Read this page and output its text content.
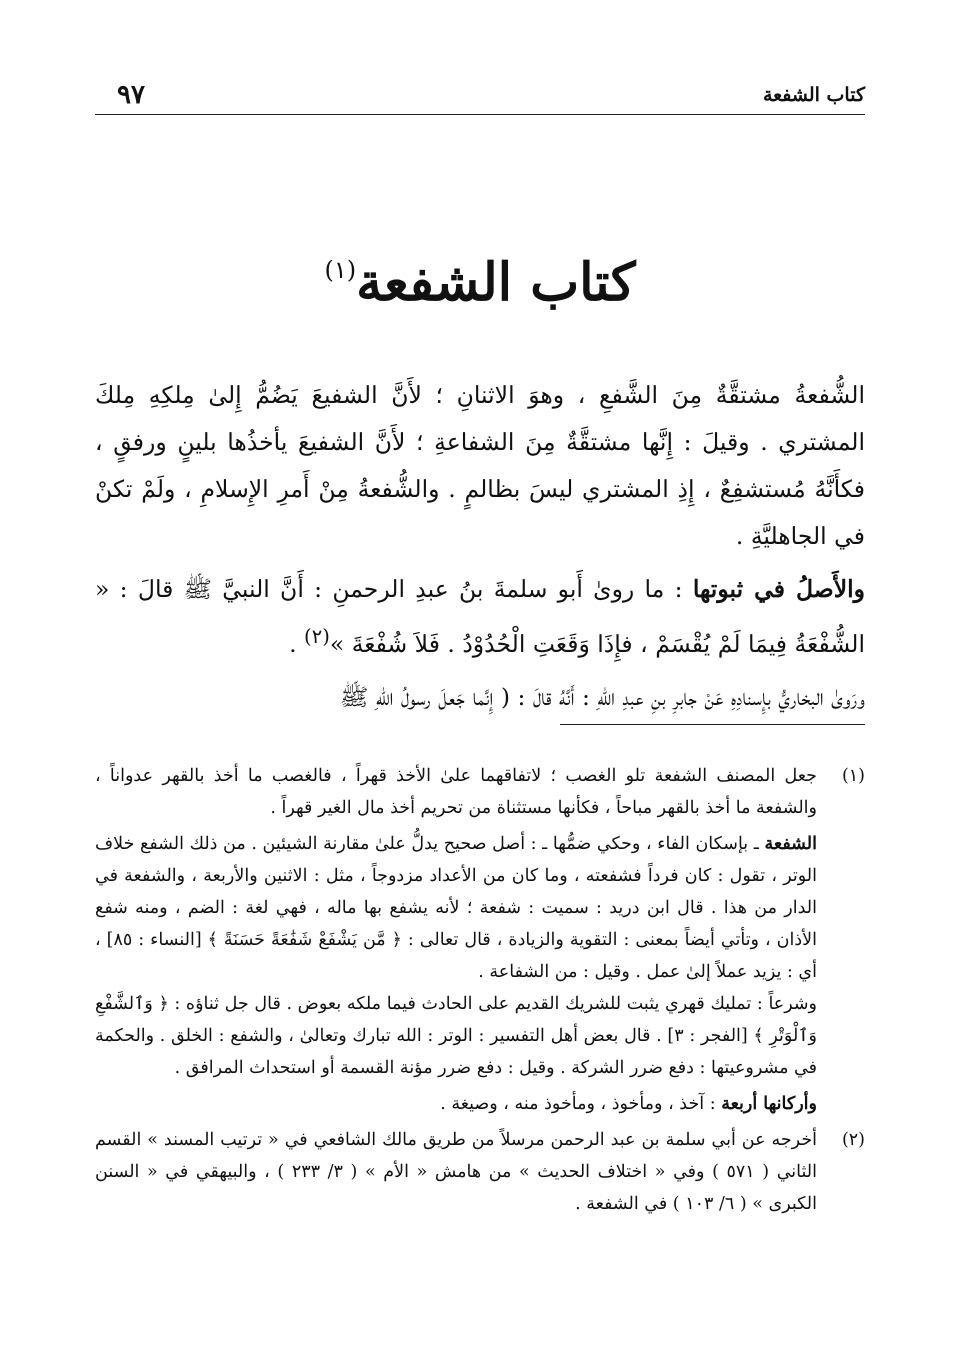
٩٧	كتاب الشفعة
كتاب الشفعة(١)

الشُّفعةُ مشتقَّةٌ مِنَ الشَّفعِ ، وهوَ الاثنانِ ؛ لأَنَّ الشفيعَ يَضُمُّ إِلىٰ مِلكِهِ مِلكَ المشتري . وقيلَ : إِنَّها مشتقَّةٌ مِنَ الشفاعةِ ؛ لأَنَّ الشفيعَ يأخذُها بلينٍ ورفقٍ ، فكأَنَّهُ مُستشفِعٌ ، إِذِ المشتري ليسَ بظالمٍ . والشُّفعةُ مِنْ أَمرِ الإِسلامِ ، ولَمْ تكنْ في الجاهليَّةِ .

والأَصلُ في ثبوتها : ما روىٰ أَبو سلمةَ بنُ عبدِ الرحمنِ : أَنَّ النبيَّ ﷺ قالَ : « الشُّفْعَةُ فِيمَا لَمْ يُقْسَمْ ، فإِذَا وَقَعَتِ الْحُدُوْدُ . فَلاَ شُفْعَةَ »$^{(٢)}$ .

ورَوىٰ البخاريُّ بإِسنادِهِ عَنْ جابرِ بنِ عبدِ اللهِ : أَنَّهُ قالَ : ( إِنَّما جَعلَ رسولُ اللهِ ﷺ

(١)

جعل المصنف الشفعة تلو الغصب ؛ لاتفاقهما علىٰ الأخذ قهراً ، فالغصب ما أخذ بالقهر عدواناً ، والشفعة ما أخذ بالقهر مباحاً ، فكأنها مستثناة من تحريم أخذ مال الغير قهراً .

الشفعة ـ بإسكان الفاء ، وحكي ضمُّها ـ : أصل صحيح يدلُّ علىٰ مقارنة الشيئين . من ذلك الشفع خلاف الوتر ، تقول : كان فرداً فشفعته ، وما كان من الأعداد مزدوجاً ، مثل : الاثنين والأربعة ، والشفعة في الدار من هذا . قال ابن دريد : سميت : شفعة ؛ لأنه يشفع بها ماله ، فهي لغة : الضم ، ومنه شفع الأذان ، وتأتي أيضاً بمعنى : التقوية والزيادة ، قال تعالى : ﴿ مَّن يَشْفَعْ شَفَٰعَةً حَسَنَةً ﴾ [النساء : ٨٥] ، أي : يزيد عملاً إلىٰ عمل . وقيل : من الشفاعة .

وشرعاً : تمليك قهري يثبت للشريك القديم على الحادث فيما ملكه بعوض . قال جل ثناؤه : ﴿ وَٱلشَّفْعِ وَٱلْوَتْرِ ﴾ [الفجر : ٣] . قال بعض أهل التفسير : الوتر : الله تبارك وتعالىٰ ، والشفع : الخلق . والحكمة في مشروعيتها : دفع ضرر الشركة . وقيل : دفع ضرر مؤنة القسمة أو استحداث المرافق .

وأركانها أربعة : آخذ ، ومأخوذ ، ومأخوذ منه ، وصيغة .

(٢)

أخرجه عن أبي سلمة بن عبد الرحمن مرسلاً من طريق مالك الشافعي في « ترتيب المسند » القسم الثاني ( ٥٧١ ) وفي « اختلاف الحديث » من هامش « الأم » ( ٣/ ٢٣٣ ) ، والبيهقي في « السنن الكبرى » ( ٦/ ١٠٣ ) في الشفعة .
